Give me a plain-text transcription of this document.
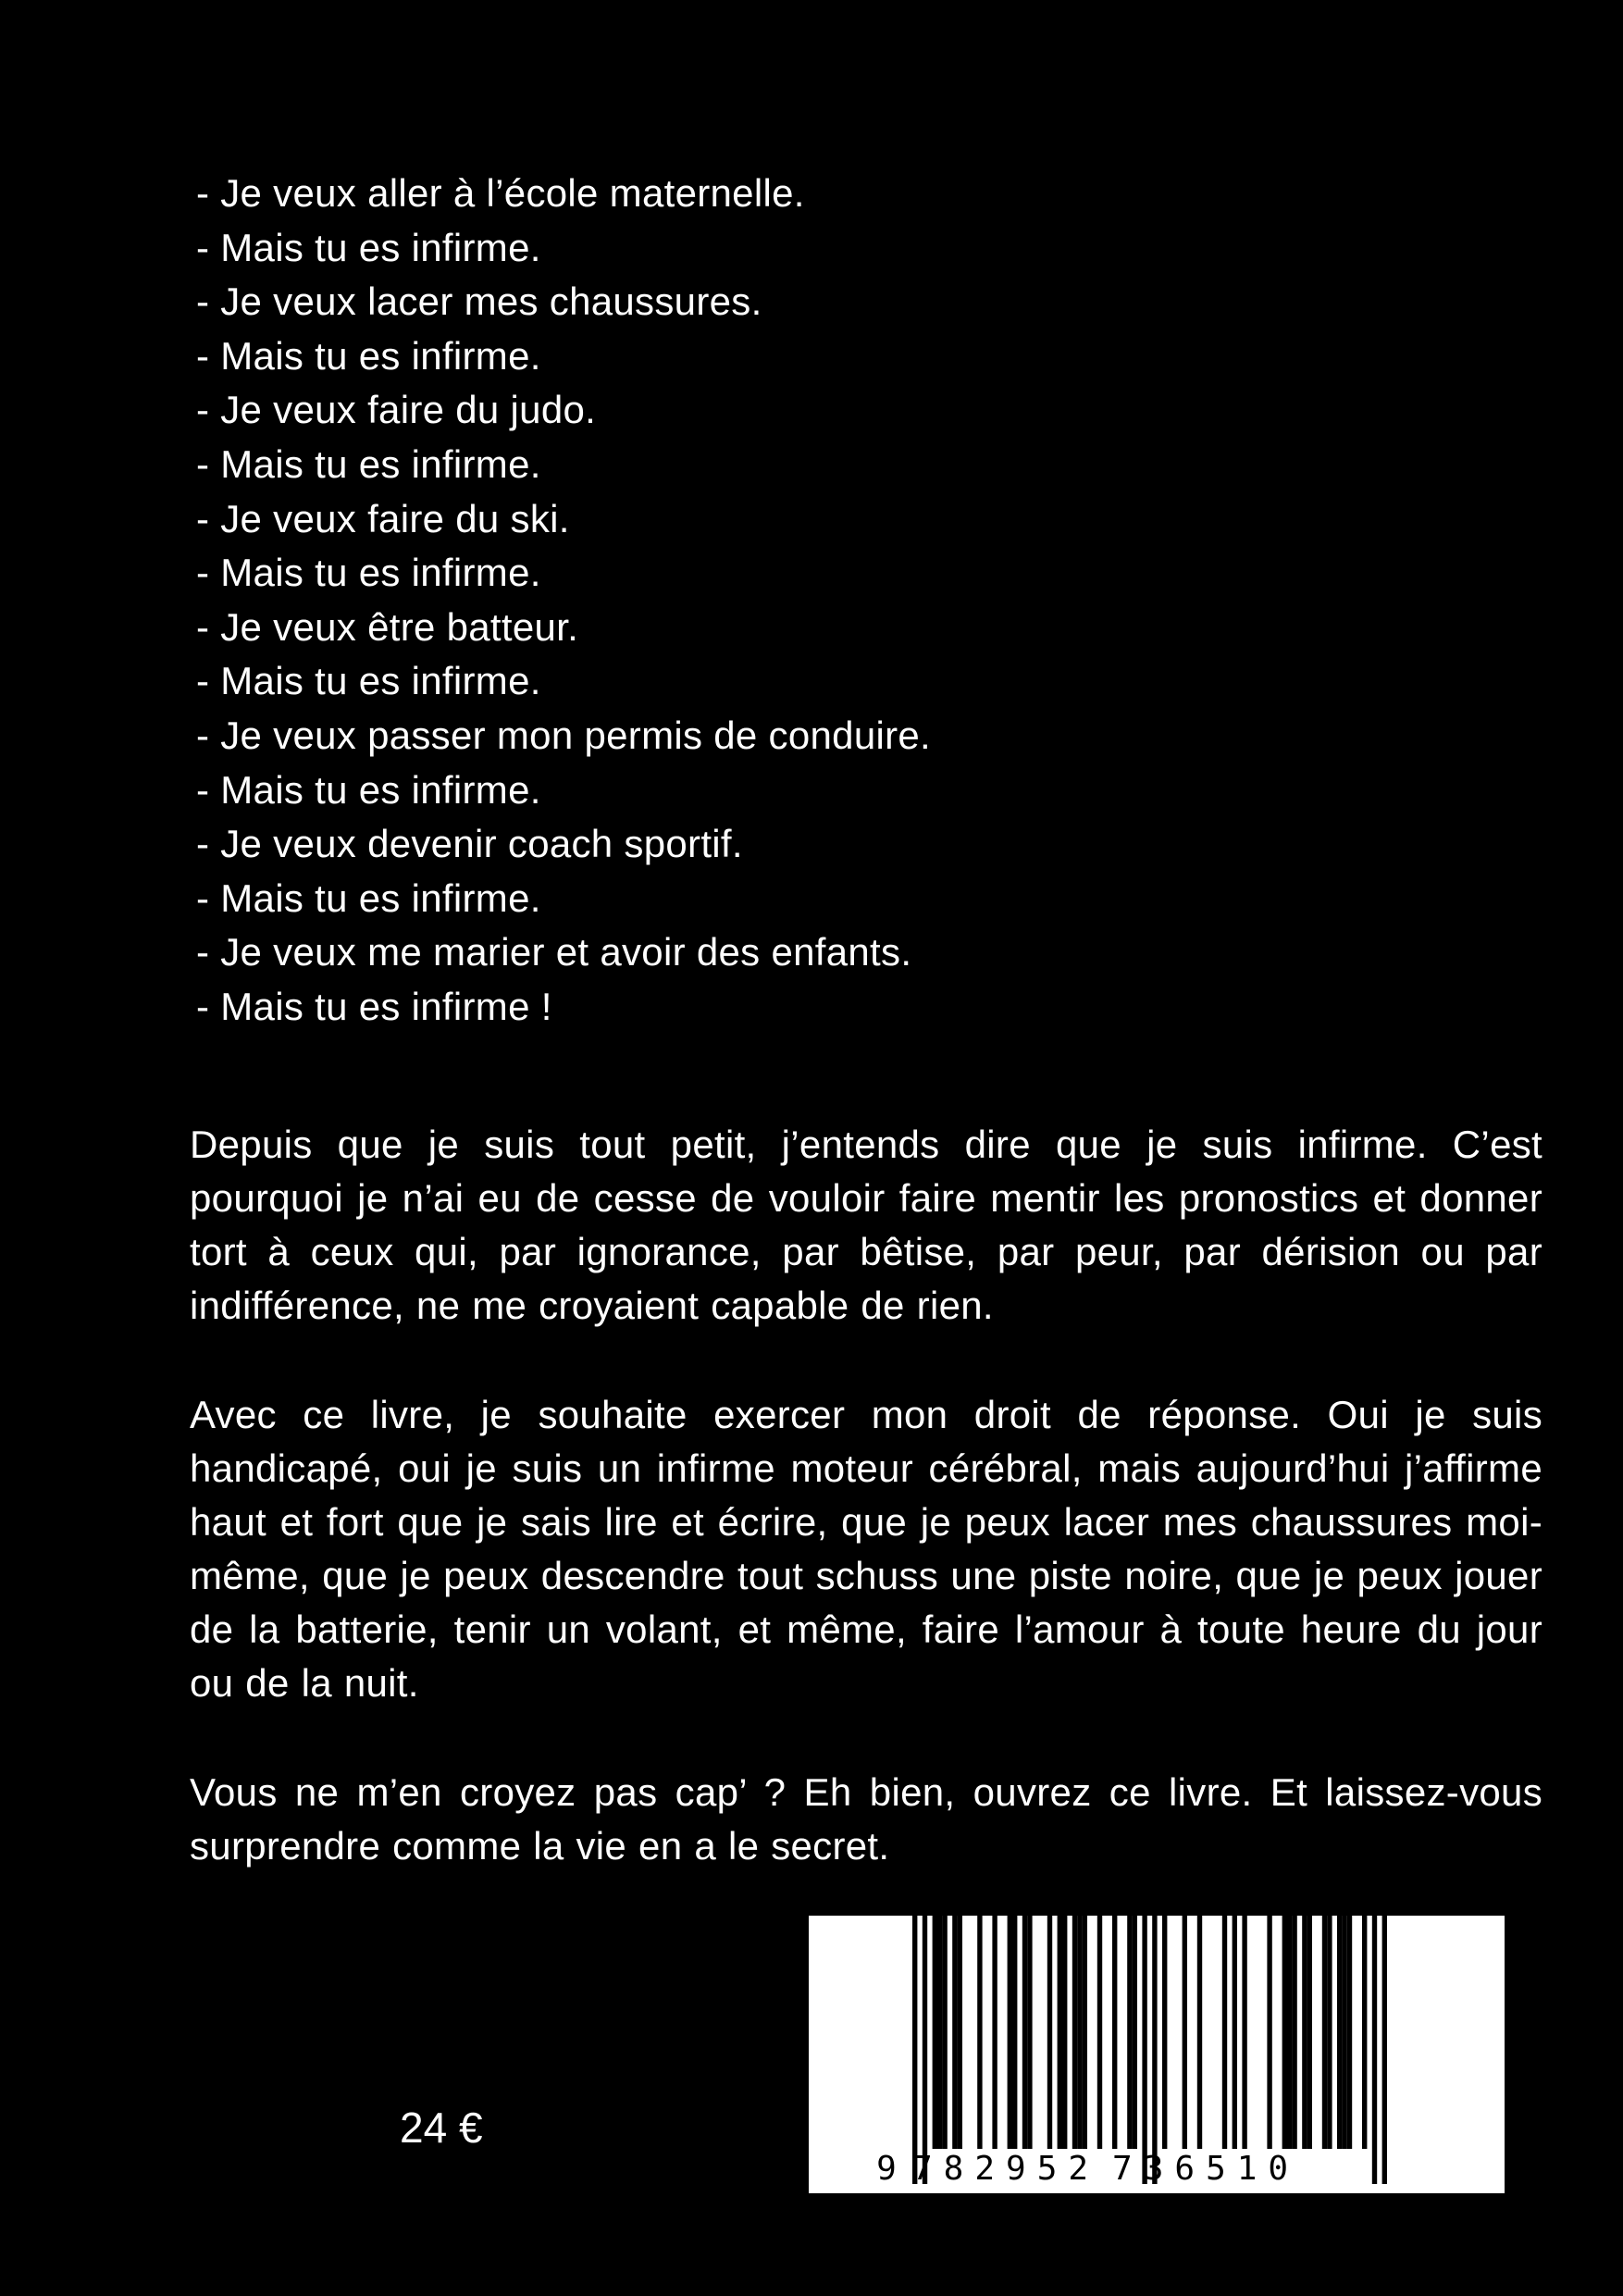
- Je veux aller à l’école maternelle.
- Mais tu es infirme.
- Je veux lacer mes chaussures.
- Mais tu es infirme.
- Je veux faire du judo.
- Mais tu es infirme.
- Je veux faire du ski.
- Mais tu es infirme.
- Je veux être batteur.
- Mais tu es infirme.
- Je veux passer mon permis de conduire.
- Mais tu es infirme.
- Je veux devenir coach sportif.
- Mais tu es infirme.
- Je veux me marier et avoir des enfants.
- Mais tu es infirme !

Depuis que je suis tout petit, j’entends dire que je suis infirme. C’est pourquoi je n’ai eu de cesse de vouloir faire mentir les pronostics et donner tort à ceux qui, par ignorance, par bêtise, par peur, par dérision ou par indifférence, ne me croyaient capable de rien.

Avec ce livre, je souhaite exercer mon droit de réponse. Oui je suis handicapé, oui je suis un infirme moteur cérébral, mais aujourd’hui j’affirme haut et fort que je sais lire et écrire, que je peux lacer mes chaussures moi-même, que je peux descendre tout schuss une piste noire, que je peux jouer de la batterie, tenir un volant, et même, faire l’amour à toute heure du jour ou de la nuit.

Vous ne m’en croyez pas cap’ ? Eh bien, ouvrez ce livre. Et laissez-vous surprendre comme la vie en a le secret.

24 €
9 782952 736510
